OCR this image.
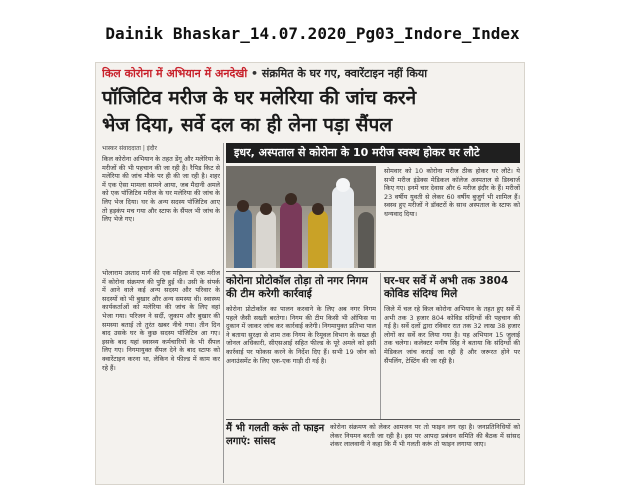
Dainik Bhaskar_14.07.2020_Pg03_Indore_Index
किल कोरोना में अभियान में अनदेखी • संक्रमित के घर गए, क्वारेंटाइन नहीं किया
पॉजिटिव मरीज के घर मलेरिया की जांच करने
भेज दिया, सर्वे दल का ही लेना पड़ा सैंपल
भास्कर संवाददाता | इंदौर
किल कोरोना अभियान के तहत डेंगू और मलेरिया के मरीजों की भी पहचान की जा रही है। रैपिड किट से मलेरिया की जांच मौके पर ही की जा रही है। शहर में एक ऐसा मामला सामने आया, जब मैदानी अमले को एक पॉजिटिव मरीज के घर मलेरिया की जांच के लिए भेज दिया। घर के अन्य सदस्य पॉजिटिव आए तो हड़कंप मच गया और स्टाफ के सैंपल भी जांच के लिए भेजे गए।
भोलाराम उस्ताद मार्ग की एक महिला में एक मरीज में कोरोना संक्रमण की पुष्टि हुई थी। उसी के संपर्क में आने वाले कई अन्य सदस्य और परिवार के सदस्यों को भी बुखार और अन्य समस्या थी। स्वास्थ्य कार्यकर्ताओं को मलेरिया की जांच के लिए वहां भेजा गया। परिजन ने सर्दी, जुकाम और बुखार की समस्या बताई तो तुरंत खबर नीचे गया। तीन दिन बाद उसके घर के कुछ सदस्य पॉजिटिव आ गए। इसके बाद यहां स्वास्थ्य कर्मचारियों के भी सैंपल लिए गए। निगमायुक्त सैंपल देने के बाद स्टाफ को क्वारेंटाइन करना था, लेकिन वे फील्ड में काम कर रहे हैं।
इधर, अस्पताल से कोरोना के 10 मरीज स्वस्थ होकर घर लौटे
सोमवार को 10 कोरोना मरीज ठीक होकर घर लौटे। ये सभी मरीज इंडेक्स मेडिकल कॉलेज अस्पताल से डिस्चार्ज किए गए। इनमें चार देवास और 6 मरीज इंदौर के हैं। मरीजों 23 वर्षीय युवती से लेकर 60 वर्षीय बुजुर्ग भी शामिल हैं। स्वस्थ हुए मरीजों ने डॉक्टरों के साथ अस्पताल के स्टाफ को धन्यवाद दिया।
कोरोना प्रोटोकॉल तोड़ा तो नगर निगम की टीम करेगी कार्रवाई
कोरोना प्रोटोकॉल का पालन करवाने के लिए अब नगर निगम पहले जैसी सख्ती बरतेगा। निगम की टीम किसी भी ऑफिस या दुकान में जाकर जांच कर कार्रवाई करेगी। निगमायुक्त प्रतिभा पाल ने बताया सुरक्षा से शाम तक निगम के रिमूवल विभाग के सख्त ही जोनल अधिकारी, सीएसआई सहित फील्ड के पूरे अमले को इसी कार्रवाई पर फोकस करने के निर्देश दिए हैं। सभी 19 जोन को अनाउंसमेंट के लिए एक-एक गाड़ी दी गई है।
घर-घर सर्वे में अभी तक 3804 कोविड संदिग्ध मिले
जिले में चल रहे किल कोरोना अभियान के तहत हुए सर्वे में अभी तक 3 हजार 804 कोविड संदिग्धों की पहचान की गई है। सर्वे दलों द्वारा रविवार रात तक 32 लाख 38 हजार लोगों का सर्वे कर लिया गया है। यह अभियान 15 जुलाई तक चलेगा। कलेक्टर मनीष सिंह ने बताया कि संदिग्धों की मेडिकल जांच कराई जा रही है और जरूरत होने पर सैंपलिंग, टेस्टिंग की जा रही है।
मैं भी गलती करूं तो फाइन लगाएं: सांसद
कोरोना संक्रमण को लेकर आमजन पर तो फाइन लग रहा है। जनप्रतिनिधियों को लेकर नियमन बरती जा रही है। इस पर आपदा प्रबंधन समिति की बैठक में सांसद शंकर लालवानी ने कहा कि मैं भी गलती करूं तो फाइन लगाया जाए।
